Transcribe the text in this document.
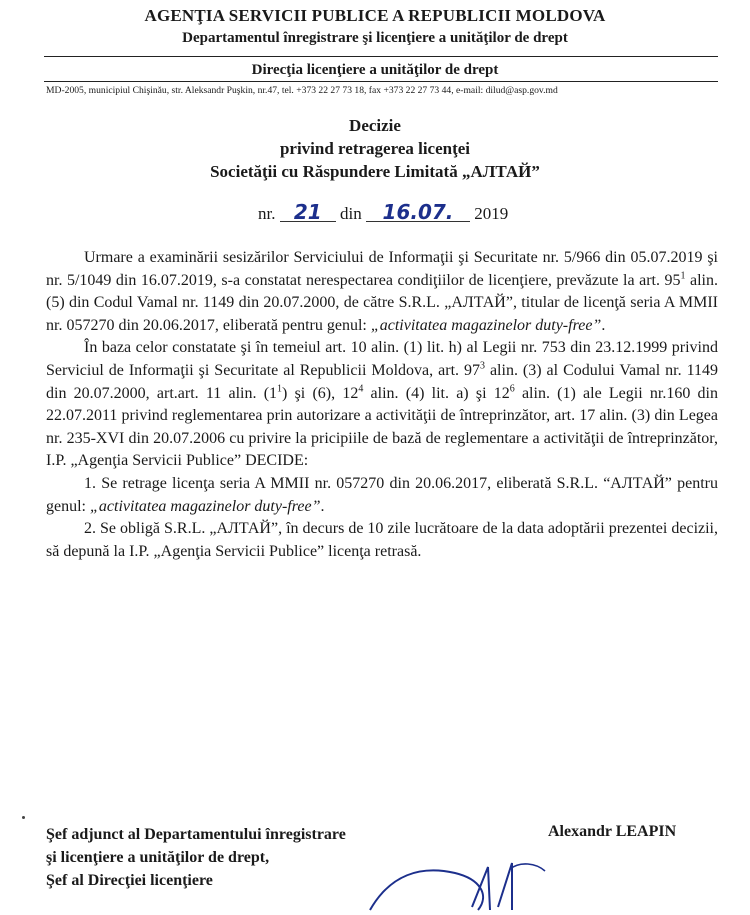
AGENŢIA SERVICII PUBLICE A REPUBLICII MOLDOVA
Departamentul înregistrare şi licenţiere a unităţilor de drept
Direcţia licenţiere a unităţilor de drept
MD-2005, municipiul Chişinău, str. Aleksandr Puşkin, nr.47, tel. +373 22 27 73 18, fax +373 22 27 73 44, e-mail: dilud@asp.gov.md
Decizie
privind retragerea licenţei
Societăţii cu Răspundere Limitată „АЛТАЙ”
nr. 21 din 16.07. 2019

Urmare a examinării sesizărilor Serviciului de Informaţii şi Securitate nr. 5/966 din 05.07.2019 şi nr. 5/1049 din 16.07.2019, s-a constatat nerespectarea condiţiilor de licenţiere, prevăzute la art. $95^1$ alin. (5) din Codul Vamal nr. 1149 din 20.07.2000, de către S.R.L. „АЛТАЙ”, titular de licenţă seria A MMII nr. 057270 din 20.06.2017, eliberată pentru genul: „activitatea magazinelor duty-free”.

În baza celor constatate şi în temeiul art. 10 alin. (1) lit. h) al Legii nr. 753 din 23.12.1999 privind Serviciul de Informaţii şi Securitate al Republicii Moldova, art. $97^3$ alin. (3) al Codului Vamal nr. 1149 din 20.07.2000, art.art. 11 alin. $(1^1)$ şi (6), $12^4$ alin. (4) lit. a) şi $12^6$ alin. (1) ale Legii nr.160 din 22.07.2011 privind reglementarea prin autorizare a activităţii de întreprinzător, art. 17 alin. (3) din Legea nr. 235-XVI din 20.07.2006 cu privire la pricipiile de bază de reglementare a activităţii de întreprinzător, I.P. „Agenţia Servicii Publice” DECIDE:

1. Se retrage licenţa seria A MMII nr. 057270 din 20.06.2017, eliberată S.R.L. “АЛТАЙ” pentru genul: „activitatea magazinelor duty-free”.

2. Se obligă S.R.L. „АЛТАЙ”, în decurs de 10 zile lucrătoare de la data adoptării prezentei decizii, să depună la I.P. „Agenţia Servicii Publice” licenţa retrasă.

Şef adjunct al Departamentului înregistrare
şi licenţiere a unităţilor de drept,
Şef al Direcţiei licenţiere
Alexandr LEAPIN
